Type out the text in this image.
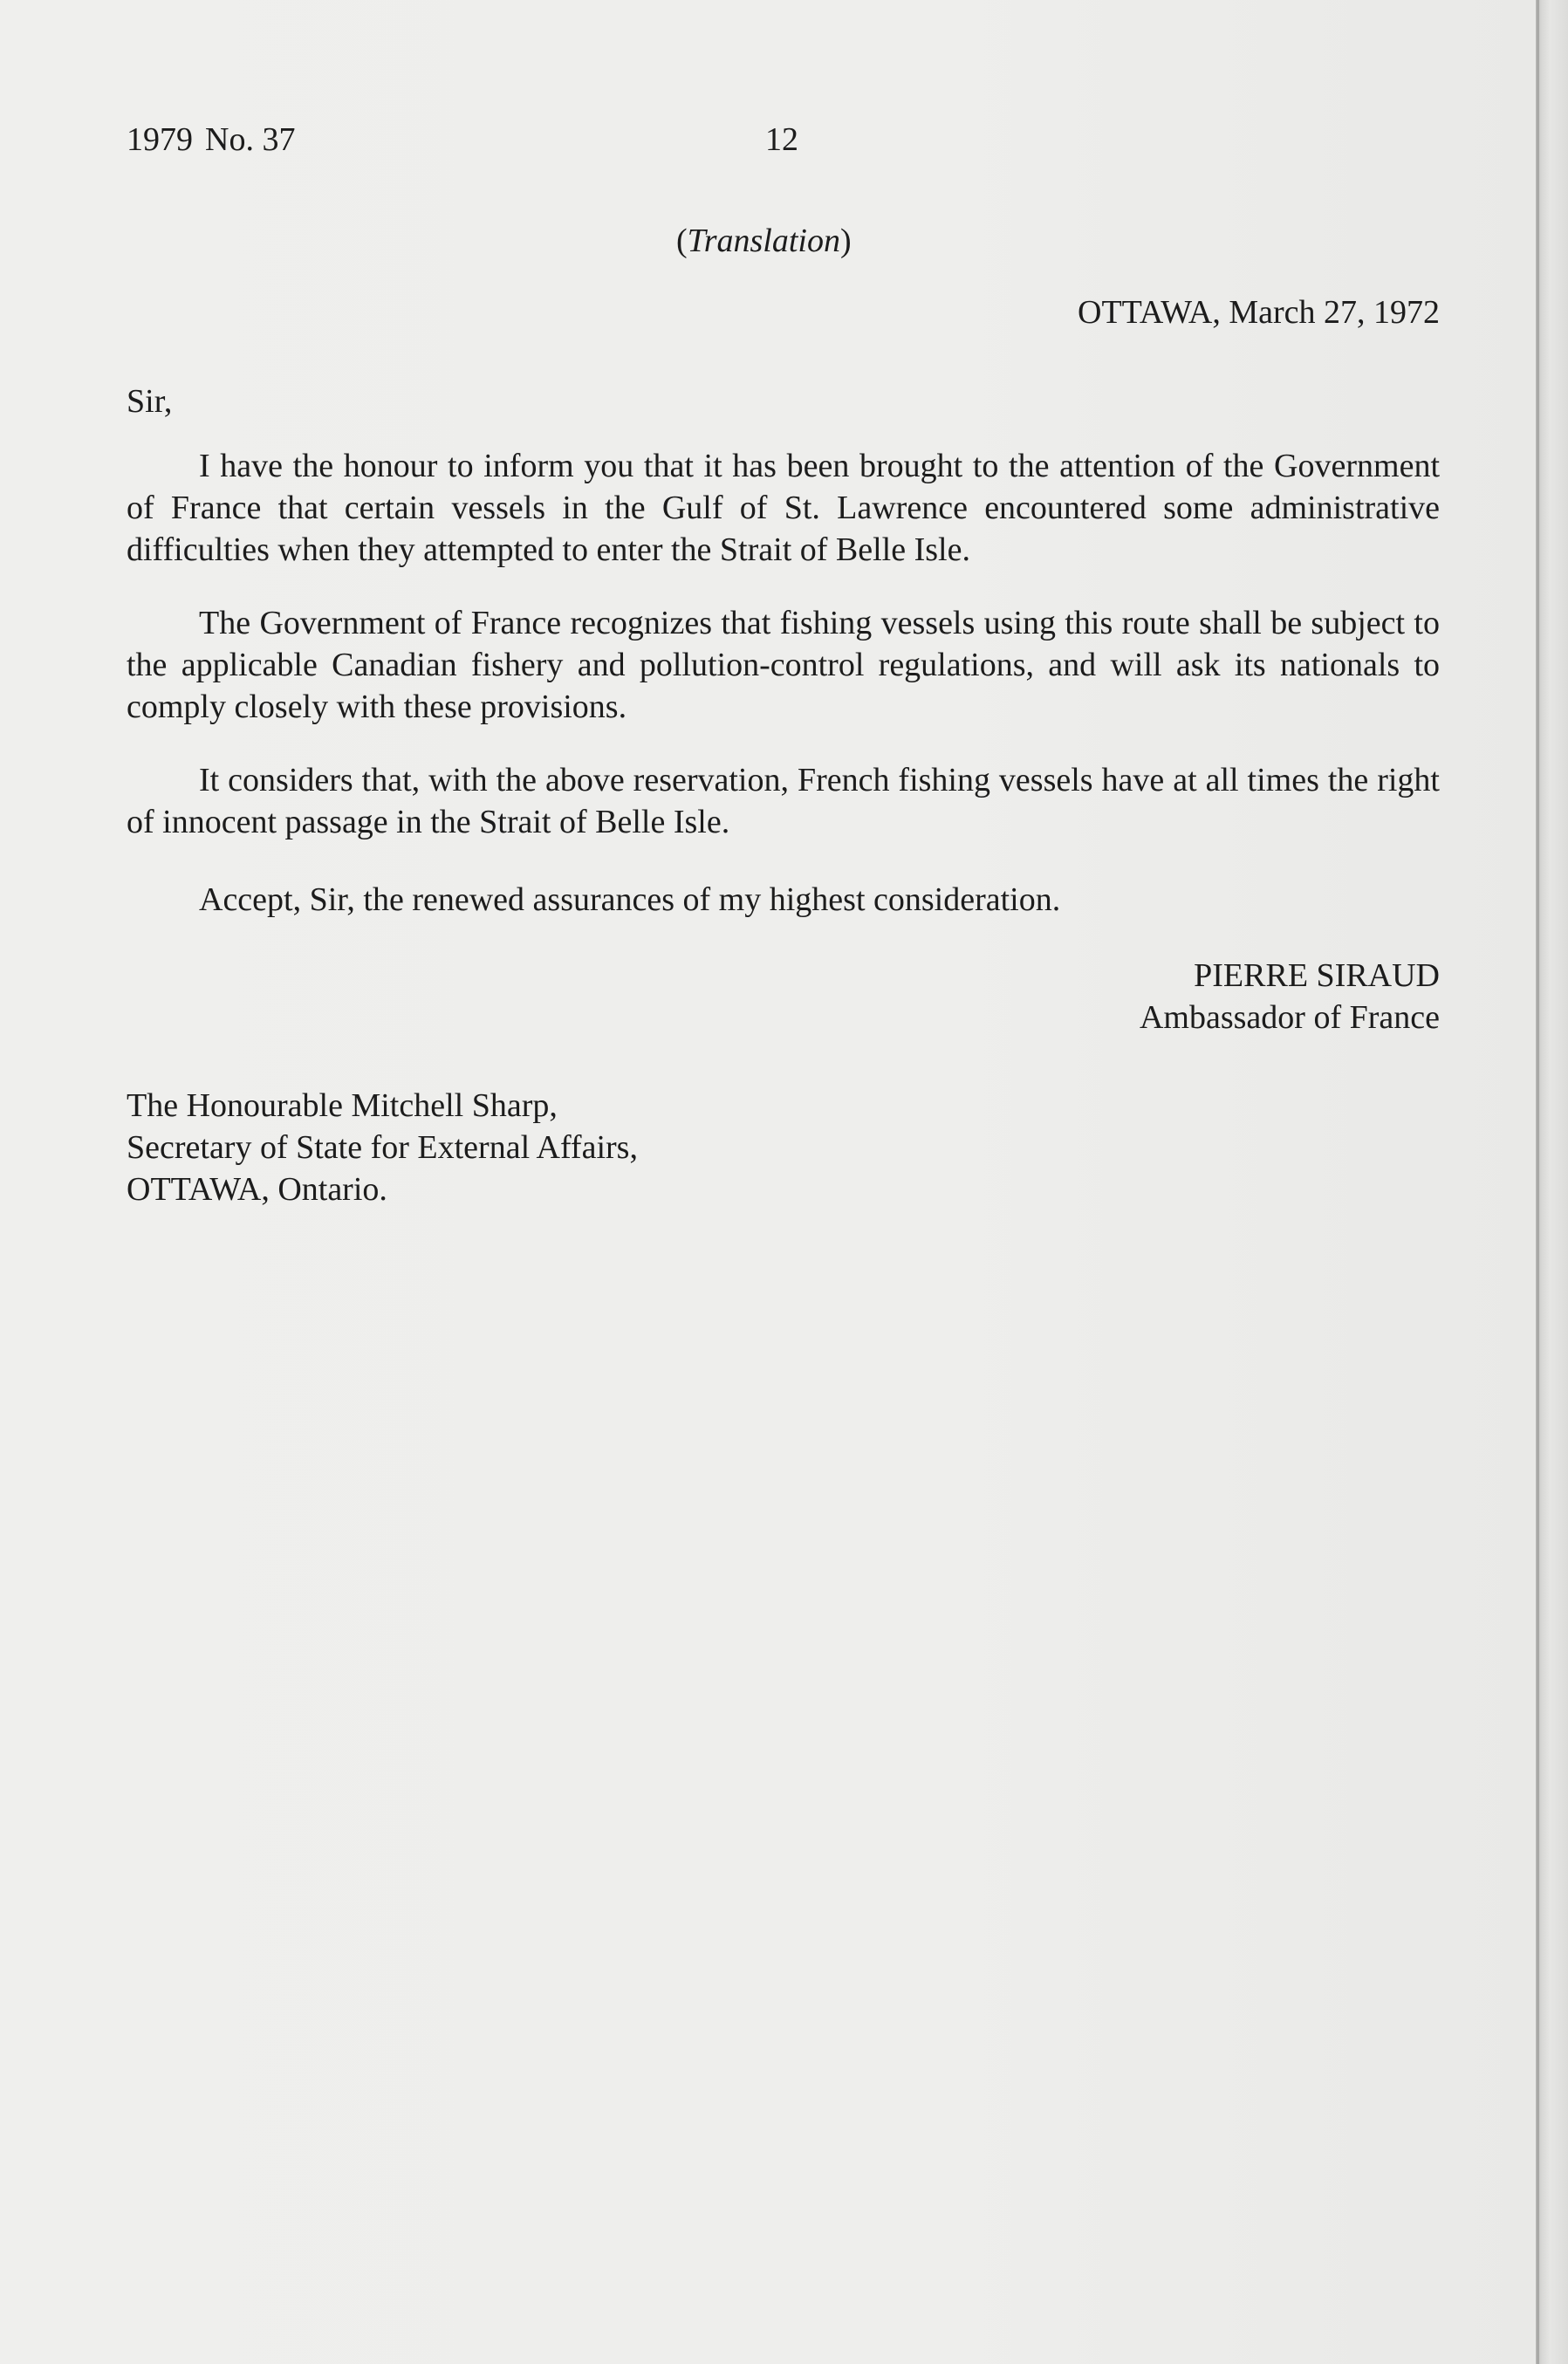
1979 No. 37	12
(Translation)
OTTAWA, March 27, 1972
Sir,

I have the honour to inform you that it has been brought to the attention of the Government of France that certain vessels in the Gulf of St. Lawrence encountered some administrative difficulties when they attempted to enter the Strait of Belle Isle.

The Government of France recognizes that fishing vessels using this route shall be subject to the applicable Canadian fishery and pollution-control regulations, and will ask its nationals to comply closely with these provisions.

It considers that, with the above reservation, French fishing vessels have at all times the right of innocent passage in the Strait of Belle Isle.

Accept, Sir, the renewed assurances of my highest consideration.
PIERRE SIRAUD
Ambassador of France
The Honourable Mitchell Sharp,
Secretary of State for External Affairs,
OTTAWA, Ontario.
